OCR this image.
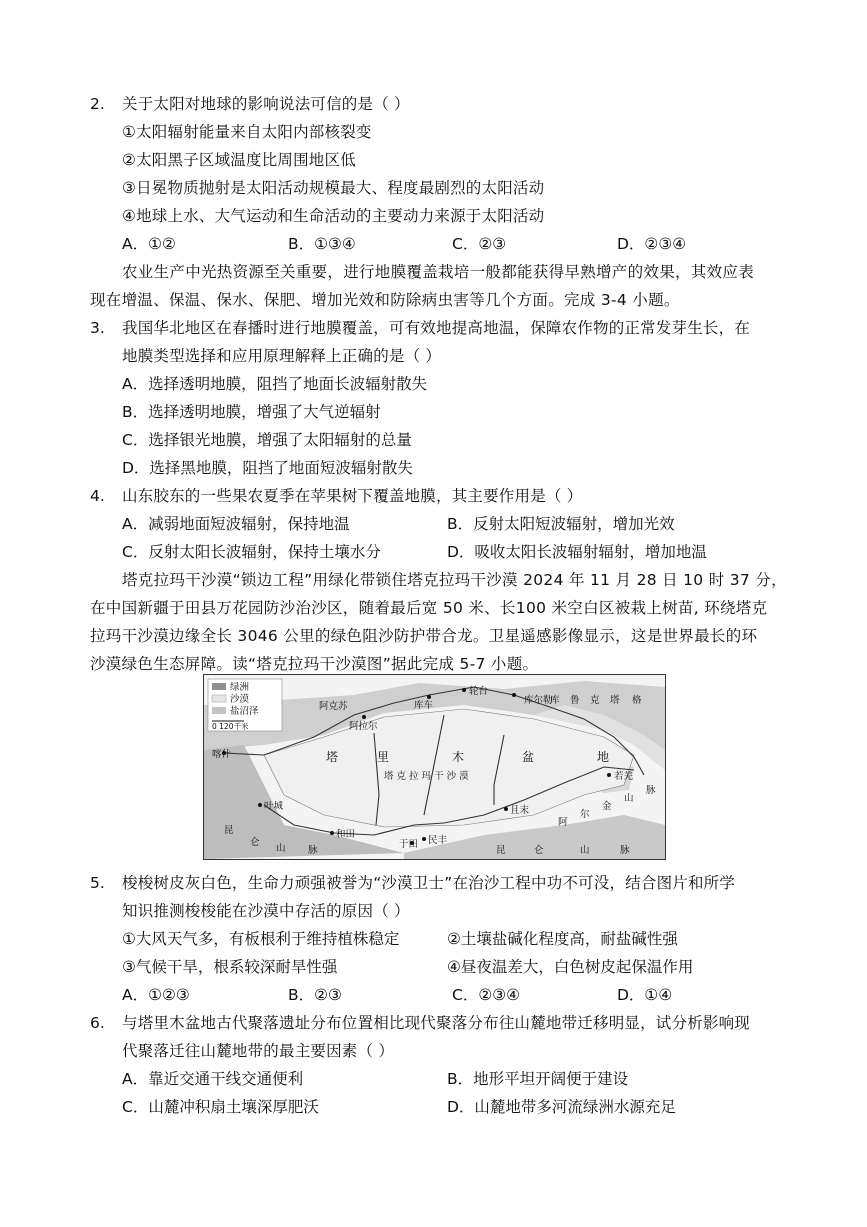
2. 关于太阳对地球的影响说法可信的是（ ）
①太阳辐射能量来自太阳内部核裂变
②太阳黑子区域温度比周围地区低
③日冕物质抛射是太阳活动规模最大、程度最剧烈的太阳活动
④地球上水、大气运动和生命活动的主要动力来源于太阳活动
A．①②	B．①③④	C．②③	D．②③④
农业生产中光热资源至关重要，进行地膜覆盖栽培一般都能获得早熟增产的效果，其效应表
现在增温、保温、保水、保肥、增加光效和防除病虫害等几个方面。完成 3-4 小题。
3. 我国华北地区在春播时进行地膜覆盖，可有效地提高地温，保障农作物的正常发芽生长，在
地膜类型选择和应用原理解释上正确的是（ ）
A．选择透明地膜，阻挡了地面长波辐射散失
B．选择透明地膜，增强了大气逆辐射
C．选择银光地膜，增强了太阳辐射的总量
D．选择黑地膜，阻挡了地面短波辐射散失
4. 山东胶东的一些果农夏季在苹果树下覆盖地膜，其主要作用是（ ）
A．减弱地面短波辐射，保持地温	B．反射太阳短波辐射，增加光效
C．反射太阳长波辐射，保持土壤水分	D．吸收太阳长波辐射辐射，增加地温
塔克拉玛干沙漠“锁边工程”用绿化带锁住塔克拉玛干沙漠 2024 年 11 月 28 日 10 时 37 分，
在中国新疆于田县万花园防沙治沙区，随着最后宽 50 米、长100 米空白区被栽上树苗, 环绕塔克
拉玛干沙漠边缘全长 3046 公里的绿色阻沙防护带合龙。卫星遥感影像显示，这是世界最长的环
沙漠绿色生态屏障。读“塔克拉玛干沙漠图”据此完成 5-7 小题。
绿洲
沙漠
盐沼泽
0 120千米
轮台
库车
阿克苏
阿拉尔
库尔勒
喀什
叶城
和田
于田 民丰
且末
若羌
塔	里	木	盆	地
塔 克 拉 玛 干 沙 漠
库 鲁 克 塔 格
昆
仑
山 脉	昆	仑	山	脉
阿
尔
金
山
脉
5. 梭梭树皮灰白色，生命力顽强被誉为“沙漠卫士”在治沙工程中功不可没，结合图片和所学
知识推测梭梭能在沙漠中存活的原因（ ）
①大风天气多，有板根利于维持植株稳定	②土壤盐碱化程度高，耐盐碱性强
③气候干旱，根系较深耐旱性强	④昼夜温差大，白色树皮起保温作用
A．①②③	B．②③	C．②③④	D．①④
6. 与塔里木盆地古代聚落遗址分布位置相比现代聚落分布往山麓地带迁移明显，试分析影响现
代聚落迁往山麓地带的最主要因素（ ）
A．靠近交通干线交通便利	B．地形平坦开阔便于建设
C．山麓冲积扇土壤深厚肥沃	D．山麓地带多河流绿洲水源充足
